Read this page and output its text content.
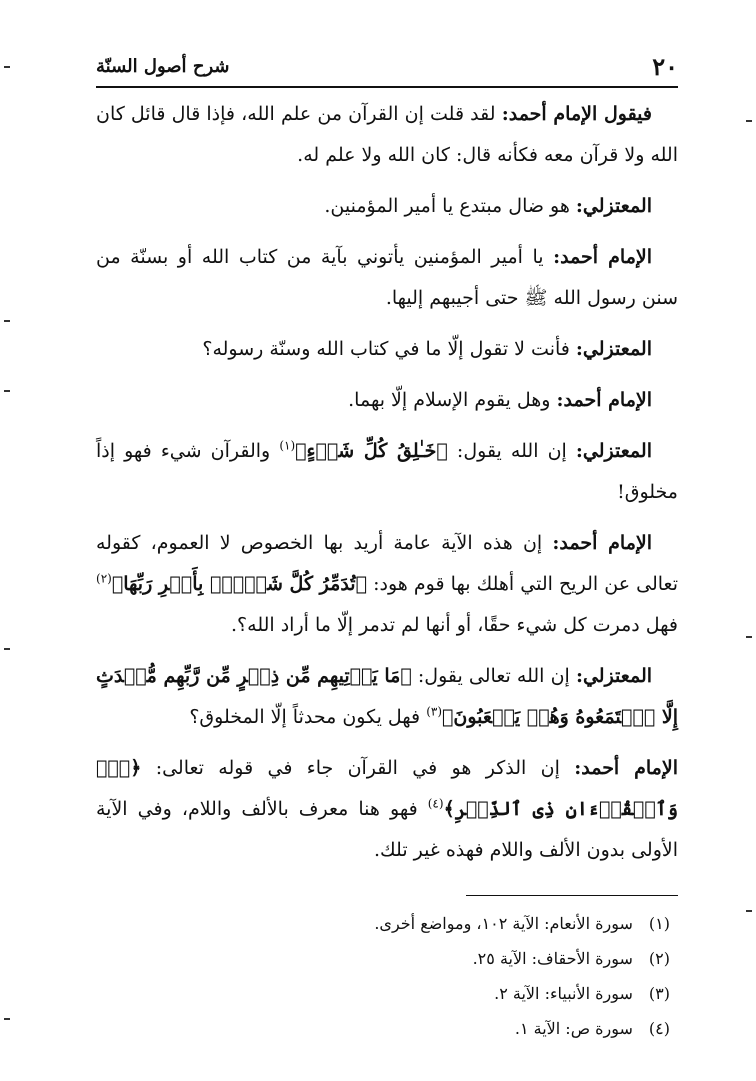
٢٠
شرح أصول السنّة

فيقول الإمام أحمد: لقد قلت إن القرآن من علم الله، فإذا قال قائل كان الله ولا قرآن معه فكأنه قال: كان الله ولا علم له.

المعتزلي: هو ضال مبتدع يا أمير المؤمنين.

الإمام أحمد: يا أمير المؤمنين يأتوني بآية من كتاب الله أو بسنّة من سنن رسول الله ﷺ حتى أجيبهم إليها.

المعتزلي: فأنت لا تقول إلّا ما في كتاب الله وسنّة رسوله؟

الإمام أحمد: وهل يقوم الإسلام إلّا بهما.

المعتزلي: إن الله يقول: ﴿خَـٰلِقُ كُلِّ شَىۡءٍ﴾$^{(١)}$ والقرآن شيء فهو إذاً مخلوق!

الإمام أحمد: إن هذه الآية عامة أريد بها الخصوص لا العموم، كقوله تعالى عن الريح التي أهلك بها قوم هود: ﴿تُدَمِّرُ كُلَّ شَىۡءِۭ بِأَمۡرِ رَبِّهَا﴾$^{(٢)}$ فهل دمرت كل شيء حقًا، أو أنها لم تدمر إلّا ما أراد الله؟.

المعتزلي: إن الله تعالى يقول: ﴿مَا يَأۡتِيهِم مِّن ذِكۡرٍ مِّن رَّبِّهِم مُّحۡدَثٍ إِلَّا ٱسۡتَمَعُوهُ وَهُمۡ يَلۡعَبُونَ﴾$^{(٣)}$ فهل يكون محدثاً إلّا المخلوق؟

الإمام أحمد: إن الذكر هو في القرآن جاء في قوله تعالى: ﴿صٓۚ وَٱلۡقُرۡءَانِ ذِى ٱلذِّكۡرِ﴾$^{(٤)}$ فهو هنا معرف بالألف واللام، وفي الآية الأولى بدون الألف واللام فهذه غير تلك.

(١) سورة الأنعام: الآية ١٠٢، ومواضع أخرى.
(٢) سورة الأحقاف: الآية ٢٥.
(٣) سورة الأنبياء: الآية ٢.
(٤) سورة ص: الآية ١.
